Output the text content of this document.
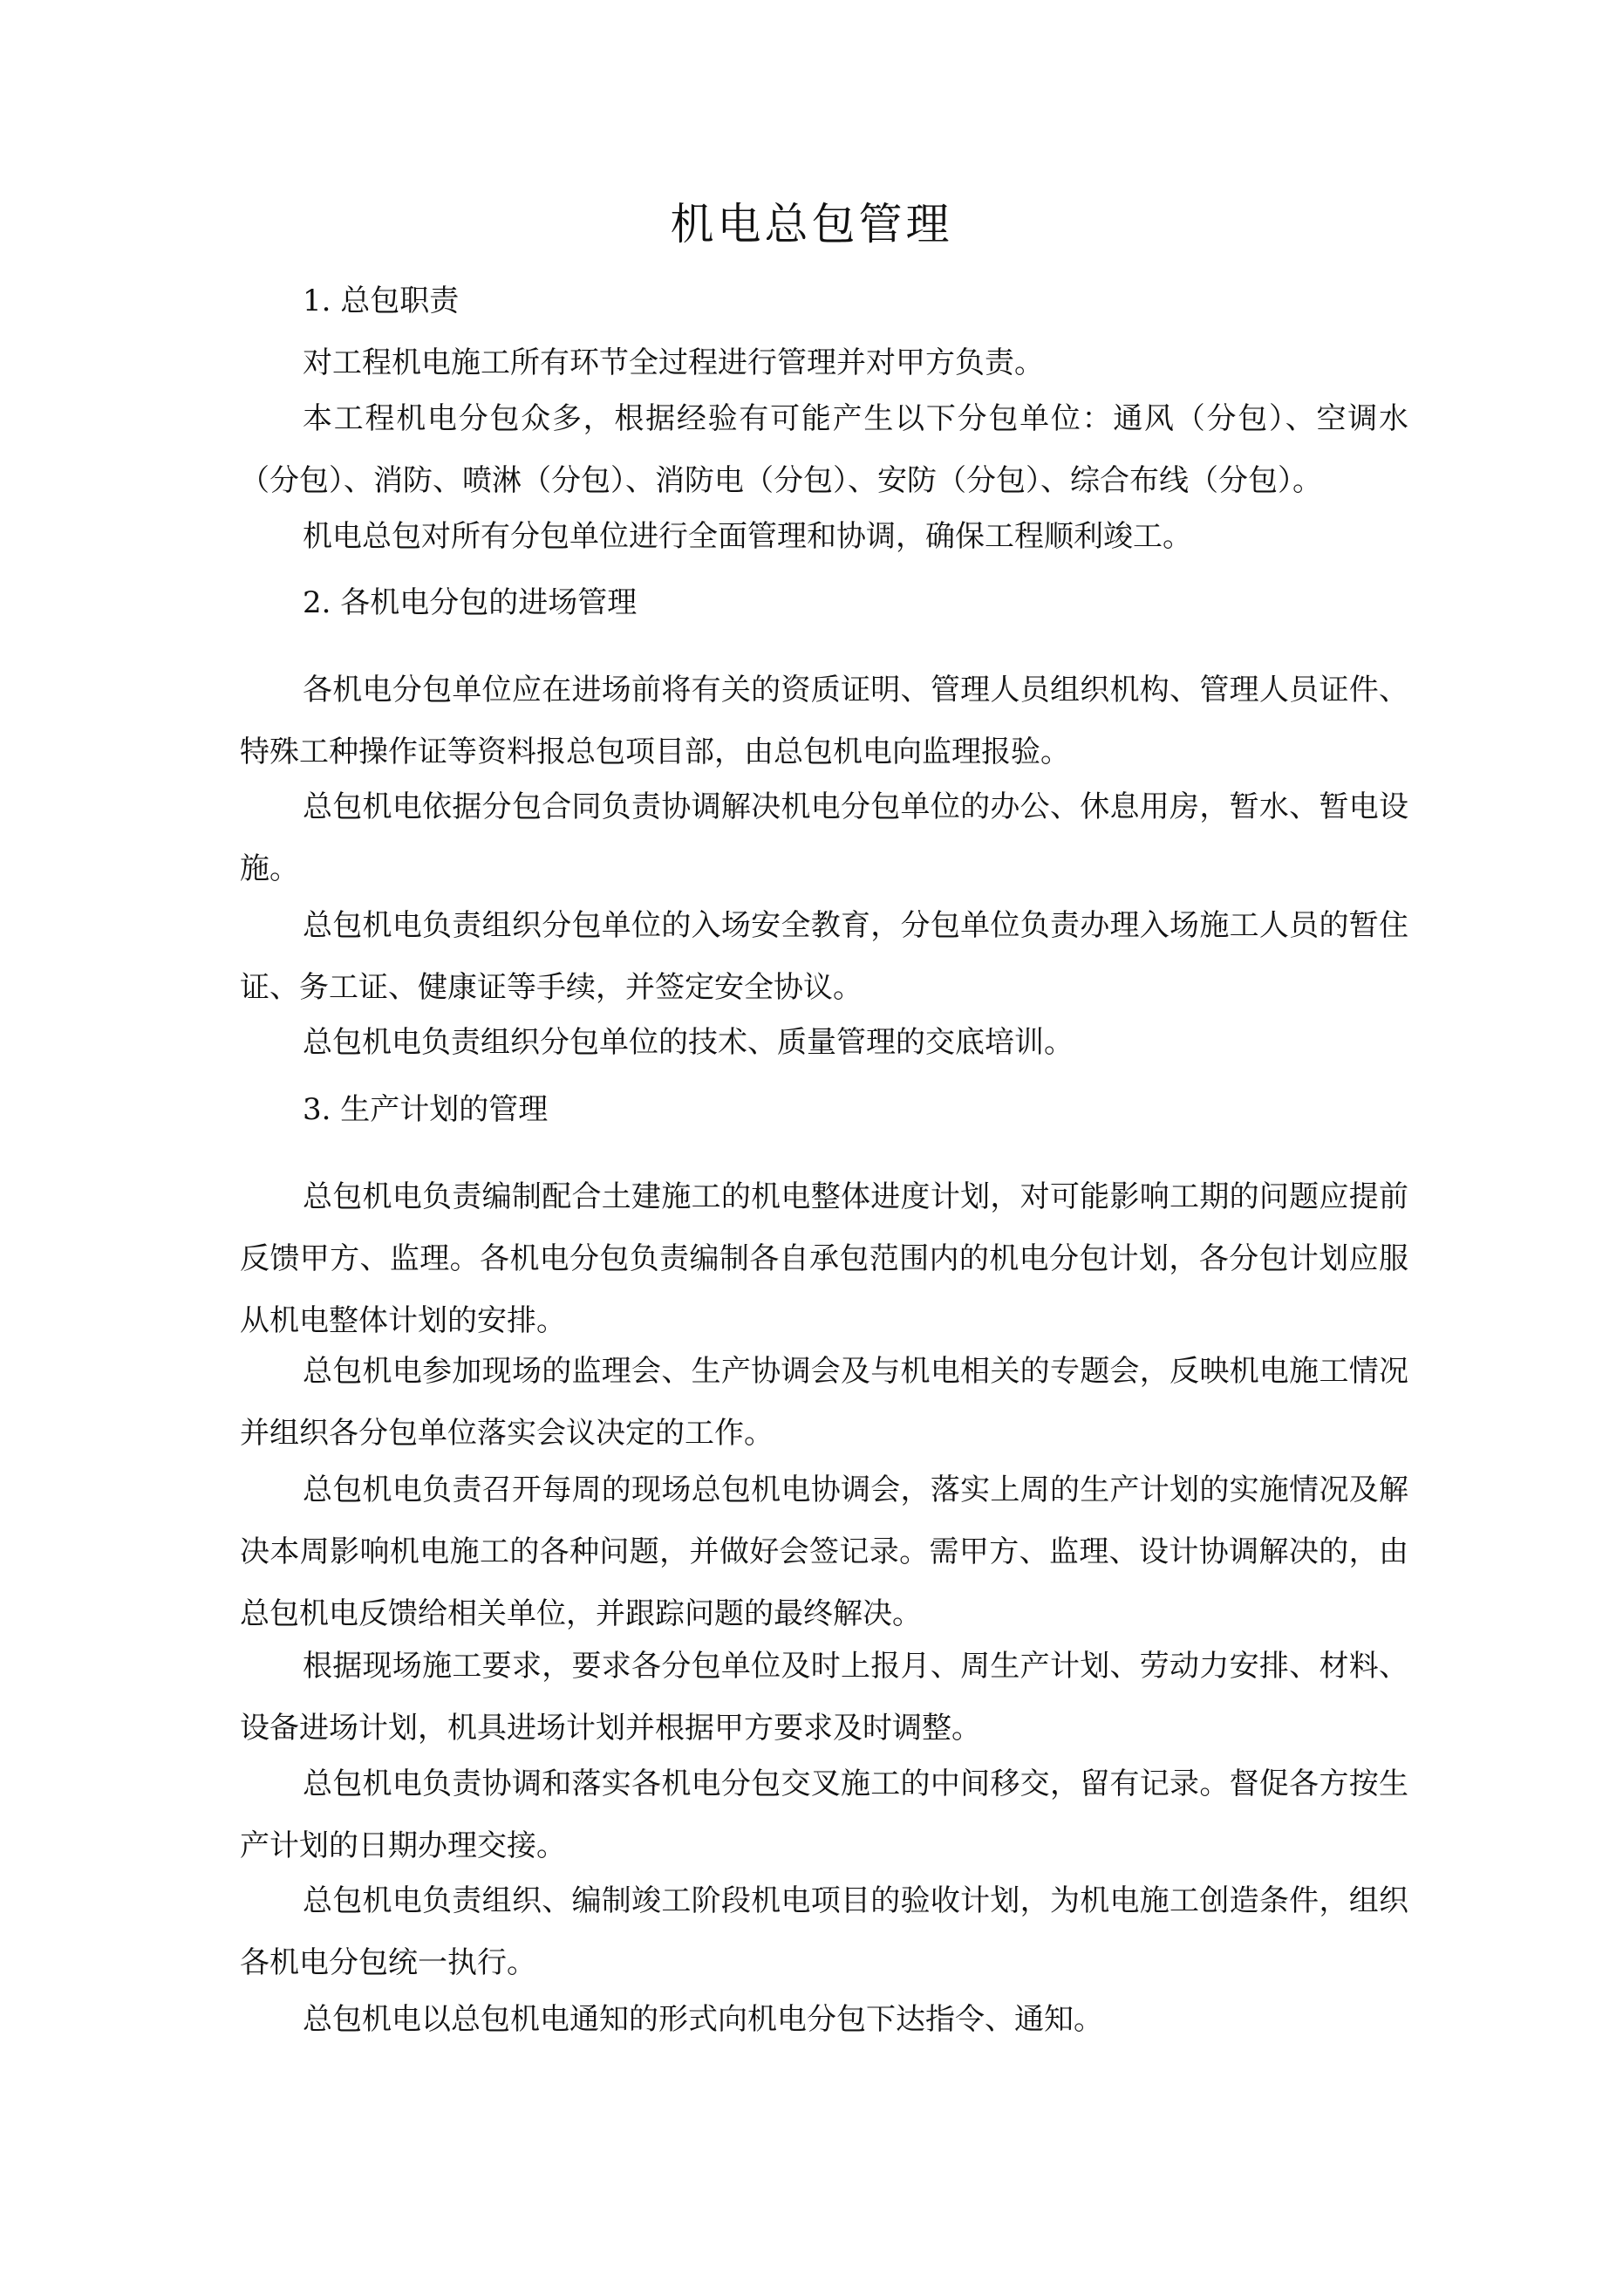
机电总包管理
1. 总包职责

对工程机电施工所有环节全过程进行管理并对甲方负责。

本工程机电分包众多，根据经验有可能产生以下分包单位：通风（分包）、空调水（分包）、消防、喷淋（分包）、消防电（分包）、安防（分包）、综合布线（分包）。

机电总包对所有分包单位进行全面管理和协调，确保工程顺利竣工。

2. 各机电分包的进场管理

各机电分包单位应在进场前将有关的资质证明、管理人员组织机构、管理人员证件、特殊工种操作证等资料报总包项目部，由总包机电向监理报验。

总包机电依据分包合同负责协调解决机电分包单位的办公、休息用房，暂水、暂电设施。

总包机电负责组织分包单位的入场安全教育，分包单位负责办理入场施工人员的暂住证、务工证、健康证等手续，并签定安全协议。

总包机电负责组织分包单位的技术、质量管理的交底培训。

3. 生产计划的管理

总包机电负责编制配合土建施工的机电整体进度计划，对可能影响工期的问题应提前反馈甲方、监理。各机电分包负责编制各自承包范围内的机电分包计划，各分包计划应服从机电整体计划的安排。

总包机电参加现场的监理会、生产协调会及与机电相关的专题会，反映机电施工情况并组织各分包单位落实会议决定的工作。

总包机电负责召开每周的现场总包机电协调会，落实上周的生产计划的实施情况及解决本周影响机电施工的各种问题，并做好会签记录。需甲方、监理、设计协调解决的，由总包机电反馈给相关单位，并跟踪问题的最终解决。

根据现场施工要求，要求各分包单位及时上报月、周生产计划、劳动力安排、材料、设备进场计划，机具进场计划并根据甲方要求及时调整。

总包机电负责协调和落实各机电分包交叉施工的中间移交，留有记录。督促各方按生产计划的日期办理交接。

总包机电负责组织、编制竣工阶段机电项目的验收计划，为机电施工创造条件，组织各机电分包统一执行。

总包机电以总包机电通知的形式向机电分包下达指令、通知。
